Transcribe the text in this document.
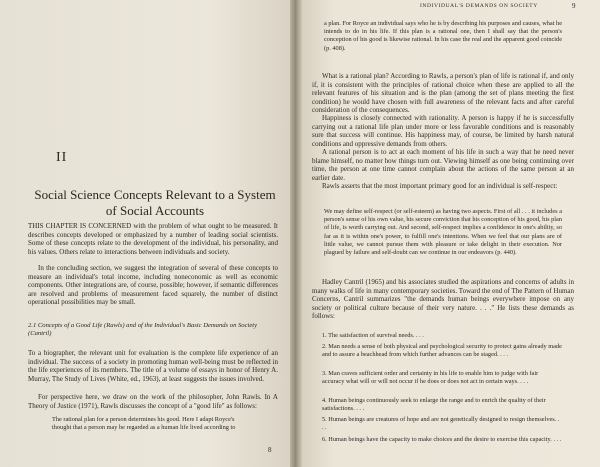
II

Social Science Concepts Relevant to a System of Social Accounts

THIS CHAPTER IS CONCERNED with the problem of what ought to be measured. It describes concepts developed or emphasized by a number of leading social scientists. Some of these concepts relate to the development of the individual, his personality, and his values. Others relate to interactions between individuals and society.

In the concluding section, we suggest the integration of several of these concepts to measure an individual's total income, including noneconomic as well as economic components. Other integrations are, of course, possible; however, if semantic differences are resolved and problems of measurement faced squarely, the number of distinct operational possibilities may be small.

2.1 Concepts of a Good Life (Rawls) and of the Individual's Basic Demands on Society (Cantril)

To a biographer, the relevant unit for evaluation is the complete life experience of an individual. The success of a society in promoting human well-being must be reflected in the life experiences of its members. The title of a volume of essays in honor of Henry A. Murray, The Study of Lives (White, ed., 1963), at least suggests the issues involved.

For perspective here, we draw on the work of the philosopher, John Rawls. In A Theory of Justice (1971), Rawls discusses the concept of a "good life" as follows:

The rational plan for a person determines his good. Here I adapt Royce's thought that a person may be regarded as a human life lived according to

8

INDIVIDUAL'S DEMANDS ON SOCIETY	9

a plan. For Royce an individual says who he is by describing his purposes and causes, what he intends to do in his life. If this plan is a rational one, then I shall say that the person's conception of his good is likewise rational. In his case the real and the apparent good coincide (p. 408).

What is a rational plan? According to Rawls, a person's plan of life is rational if, and only if, it is consistent with the principles of rational choice when these are applied to all the relevant features of his situation and is the plan (among the set of plans meeting the first condition) he would have chosen with full awareness of the relevant facts and after careful consideration of the consequences.

Happiness is closely connected with rationality. A person is happy if he is successfully carrying out a rational life plan under more or less favorable conditions and is reasonably sure that success will continue. His happiness may, of course, be limited by harsh natural conditions and oppressive demands from others.

A rational person is to act at each moment of his life in such a way that he need never blame himself, no matter how things turn out. Viewing himself as one being continuing over time, the person at one time cannot complain about the actions of the same person at an earlier date.

Rawls asserts that the most important primary good for an individual is self-respect:

We may define self-respect (or self-esteem) as having two aspects. First of all . . . it includes a person's sense of his own value, his secure conviction that his conception of his good, his plan of life, is worth carrying out. And second, self-respect implies a confidence in one's ability, so far as it is within one's power, to fulfill one's intentions. When we feel that our plans are of little value, we cannot pursue them with pleasure or take delight in their execution. Nor plagued by failure and self-doubt can we continue in our endeavors (p. 440).

Hadley Cantril (1965) and his associates studied the aspirations and concerns of adults in many walks of life in many contemporary societies. Toward the end of The Pattern of Human Concerns, Cantril summarizes "the demands human beings everywhere impose on any society or political culture because of their very nature. . . ." He lists these demands as follows:

1. The satisfaction of survival needs. . . .

2. Man needs a sense of both physical and psychological security to protect gains already made and to assure a beachhead from which further advances can be staged. . . .

3. Man craves sufficient order and certainty in his life to enable him to judge with fair accuracy what will or will not occur if he does or does not act in certain ways. . . .

4. Human beings continuously seek to enlarge the range and to enrich the quality of their satisfactions. . . .

5. Human beings are creatures of hope and are not genetically designed to resign themselves. . . .

6. Human beings have the capacity to make choices and the desire to exercise this capacity. . . .
